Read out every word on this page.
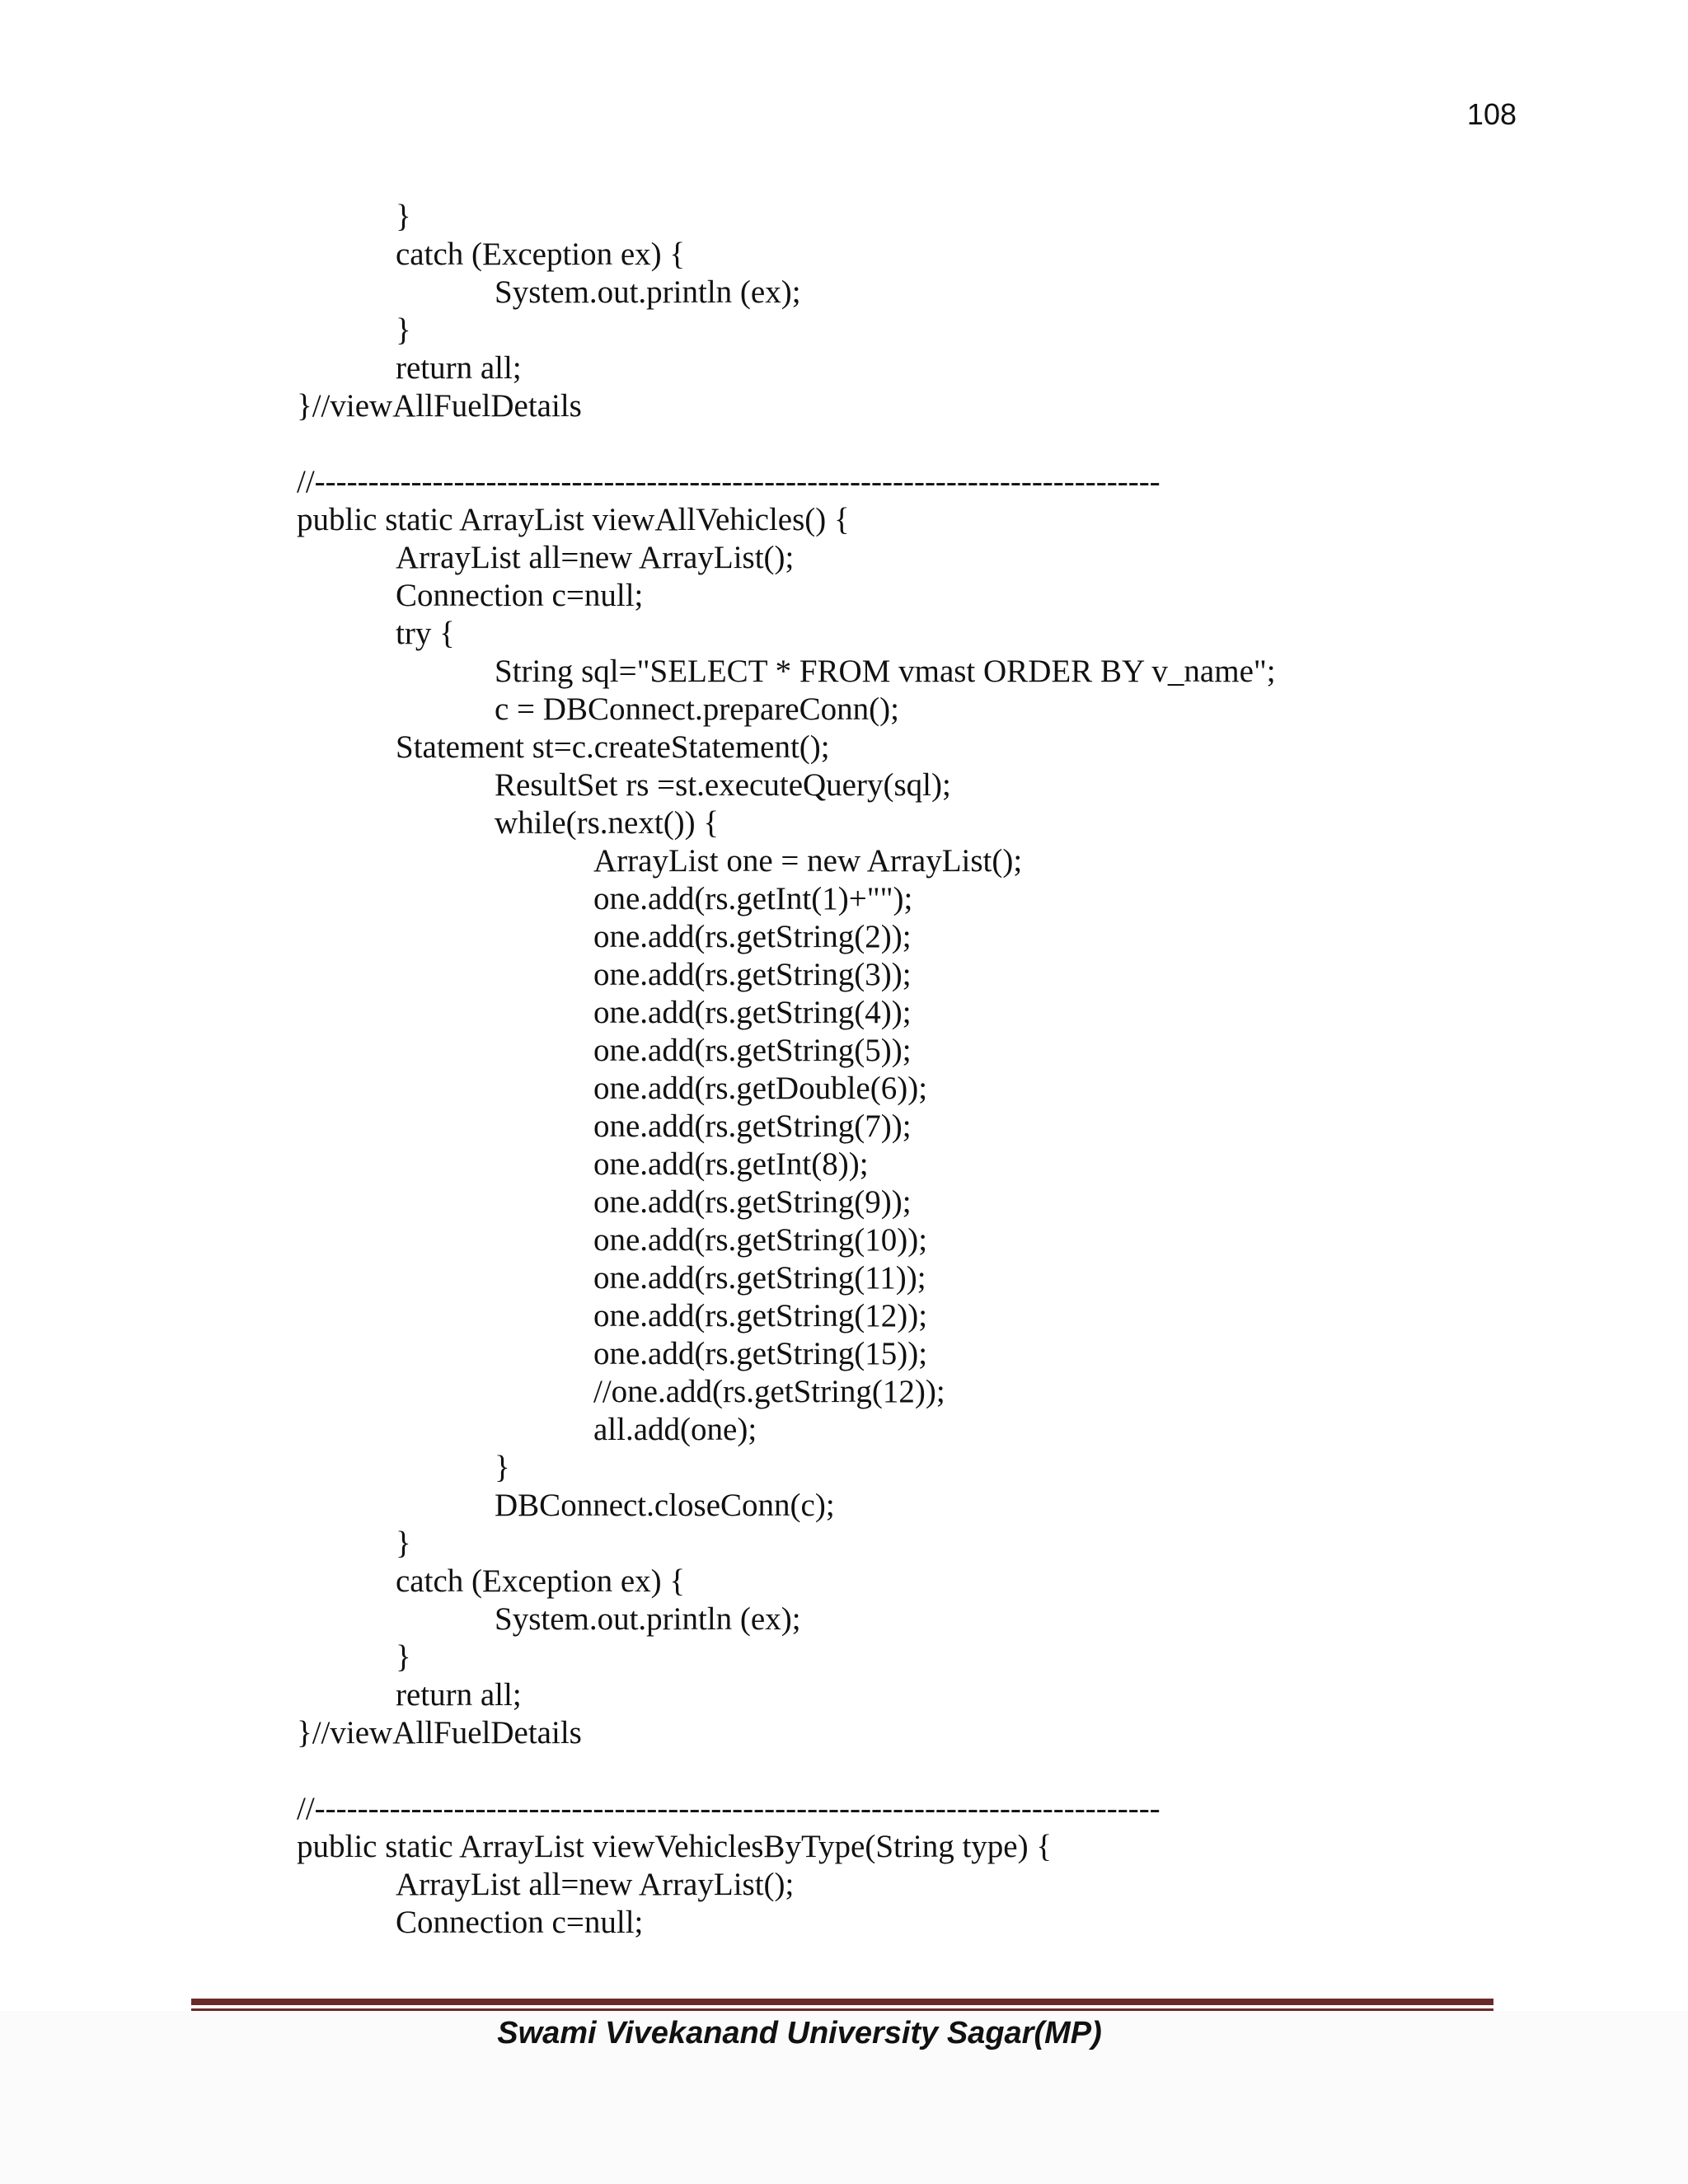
108
}
catch (Exception ex) {
System.out.println (ex);
}
return all;
}//viewAllFuelDetails
//-------------------------------------------------------------------------------
public static ArrayList viewAllVehicles() {
ArrayList all=new ArrayList();
Connection c=null;
try {
String sql="SELECT * FROM vmast ORDER BY v_name";
c = DBConnect.prepareConn();
Statement st=c.createStatement();
ResultSet rs =st.executeQuery(sql);
while(rs.next()) {
ArrayList one = new ArrayList();
one.add(rs.getInt(1)+"");
one.add(rs.getString(2));
one.add(rs.getString(3));
one.add(rs.getString(4));
one.add(rs.getString(5));
one.add(rs.getDouble(6));
one.add(rs.getString(7));
one.add(rs.getInt(8));
one.add(rs.getString(9));
one.add(rs.getString(10));
one.add(rs.getString(11));
one.add(rs.getString(12));
one.add(rs.getString(15));
//one.add(rs.getString(12));
all.add(one);
}
DBConnect.closeConn(c);
}
catch (Exception ex) {
System.out.println (ex);
}
return all;
}//viewAllFuelDetails
//-------------------------------------------------------------------------------
public static ArrayList viewVehiclesByType(String type) {
ArrayList all=new ArrayList();
Connection c=null;
Swami Vivekanand University Sagar(MP)
